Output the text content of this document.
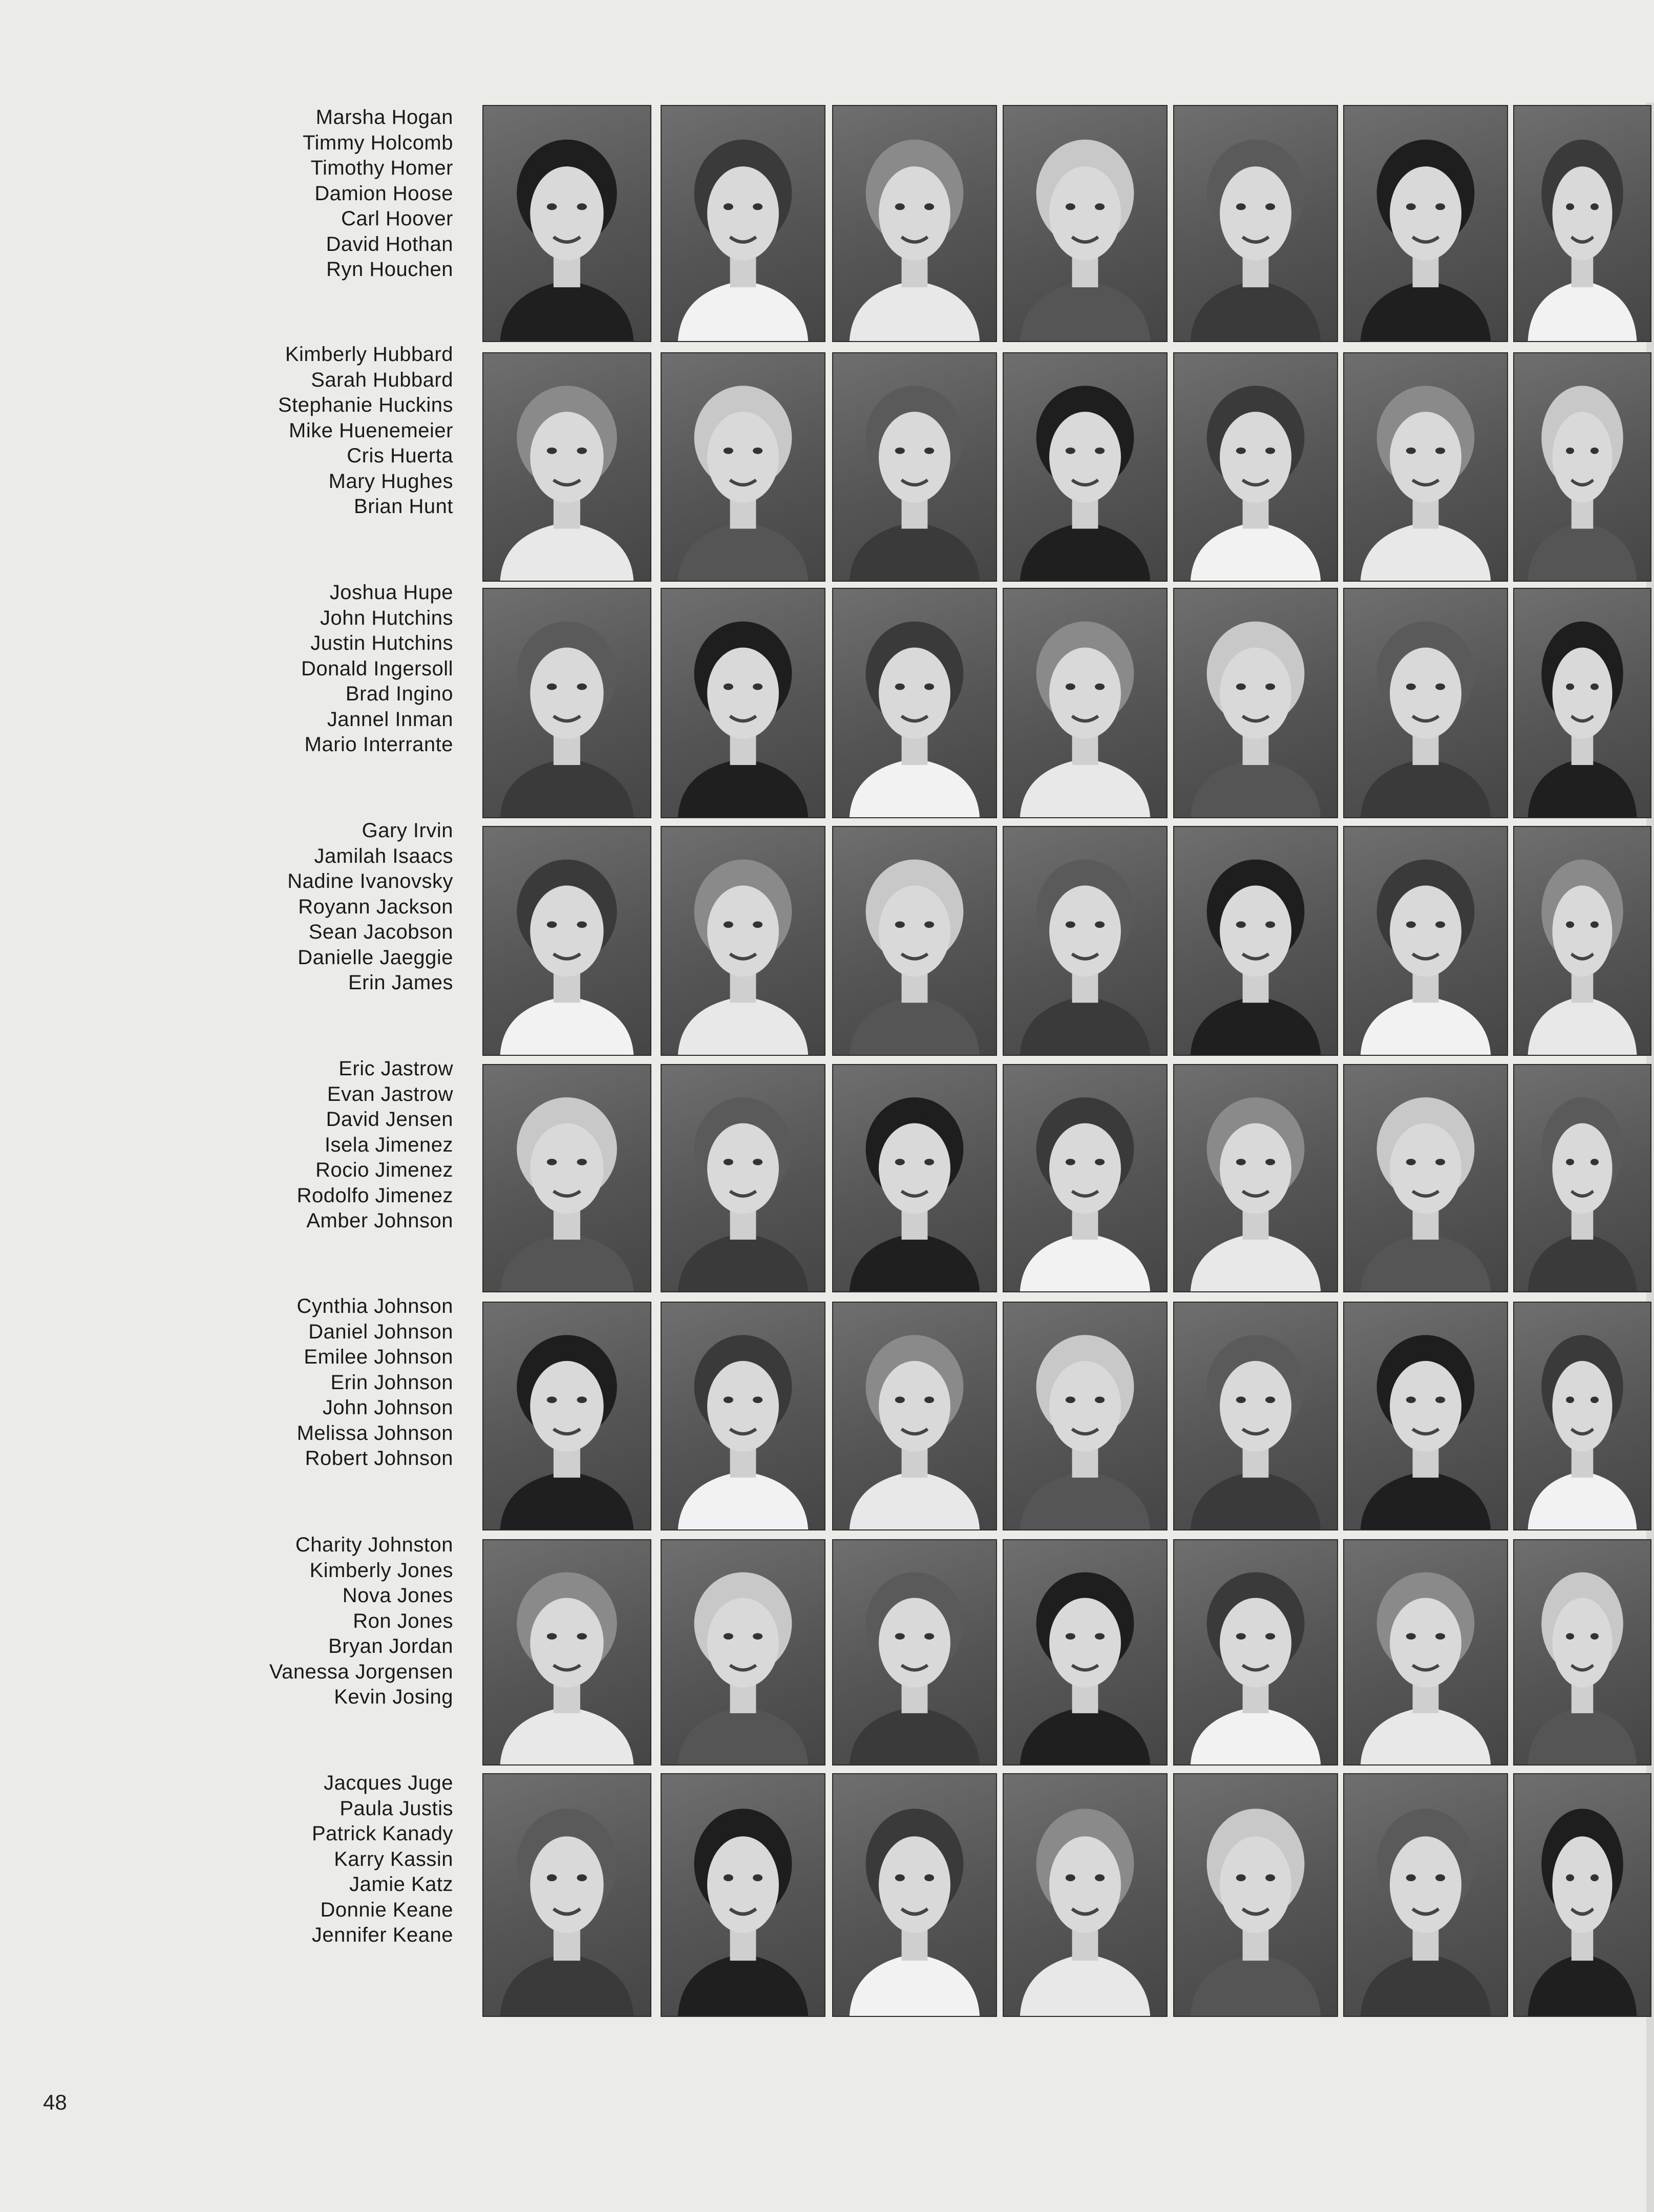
Marsha Hogan
Timmy Holcomb
Timothy Homer
Damion Hoose
Carl Hoover
David Hothan
Ryn Houchen
Kimberly Hubbard
Sarah Hubbard
Stephanie Huckins
Mike Huenemeier
Cris Huerta
Mary Hughes
Brian Hunt
Joshua Hupe
John Hutchins
Justin Hutchins
Donald Ingersoll
Brad Ingino
Jannel Inman
Mario Interrante
Gary Irvin
Jamilah Isaacs
Nadine Ivanovsky
Royann Jackson
Sean Jacobson
Danielle Jaeggie
Erin James
Eric Jastrow
Evan Jastrow
David Jensen
Isela Jimenez
Rocio Jimenez
Rodolfo Jimenez
Amber Johnson
Cynthia Johnson
Daniel Johnson
Emilee Johnson
Erin Johnson
John Johnson
Melissa Johnson
Robert Johnson
Charity Johnston
Kimberly Jones
Nova Jones
Ron Jones
Bryan Jordan
Vanessa Jorgensen
Kevin Josing
Jacques Juge
Paula Justis
Patrick Kanady
Karry Kassin
Jamie Katz
Donnie Keane
Jennifer Keane
48
